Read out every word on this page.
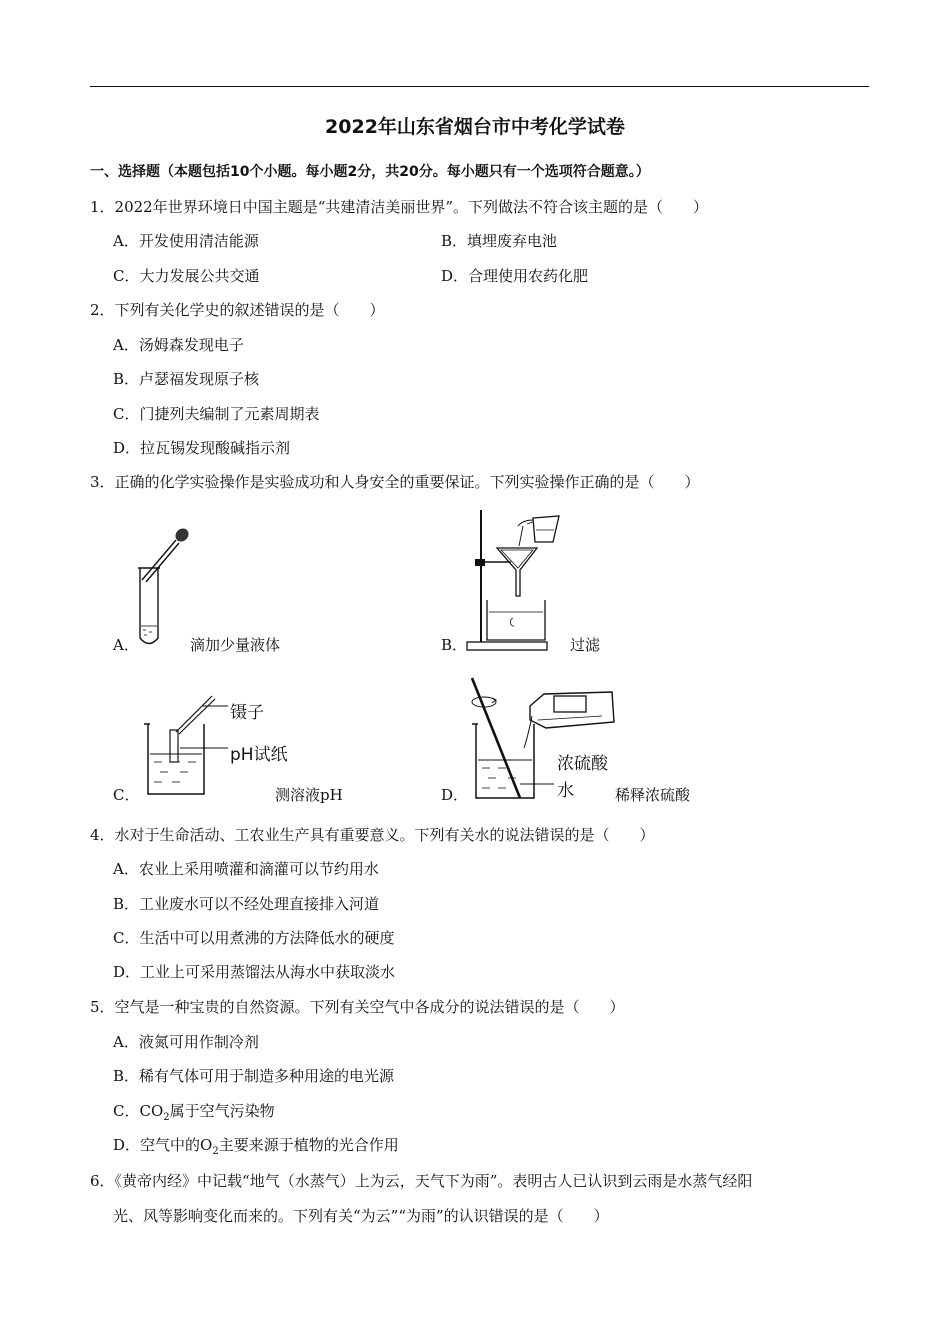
2022年山东省烟台市中考化学试卷
一、选择题（本题包括10个小题。每小题2分，共20分。每小题只有一个选项符合题意。）
1．2022年世界环境日中国主题是“共建清洁美丽世界”。下列做法不符合该主题的是（　　）
A．开发使用清洁能源	B．填埋废弃电池
C．大力发展公共交通	D．合理使用农药化肥
2．下列有关化学史的叙述错误的是（　　）
A．汤姆森发现电子
B．卢瑟福发现原子核
C．门捷列夫编制了元素周期表
D．拉瓦锡发现酸碱指示剂
3．正确的化学实验操作是实验成功和人身安全的重要保证。下列实验操作正确的是（　　）
A．	滴加少量液体	B．	过滤
镊子
pH试纸
C．	测溶液pH
浓硫酸
水
D．	稀释浓硫酸
4．水对于生命活动、工农业生产具有重要意义。下列有关水的说法错误的是（　　）
A．农业上采用喷灌和滴灌可以节约用水
B．工业废水可以不经处理直接排入河道
C．生活中可以用煮沸的方法降低水的硬度
D．工业上可采用蒸馏法从海水中获取淡水
5．空气是一种宝贵的自然资源。下列有关空气中各成分的说法错误的是（　　）
A．液氮可用作制冷剂
B．稀有气体可用于制造多种用途的电光源
C．$CO_2$属于空气污染物
D．空气中的$O_2$主要来源于植物的光合作用
6．《黄帝内经》中记载“地气（水蒸气）上为云，天气下为雨”。表明古人已认识到云雨是水蒸气经阳
光、风等影响变化而来的。下列有关“为云”“为雨”的认识错误的是（　　）
